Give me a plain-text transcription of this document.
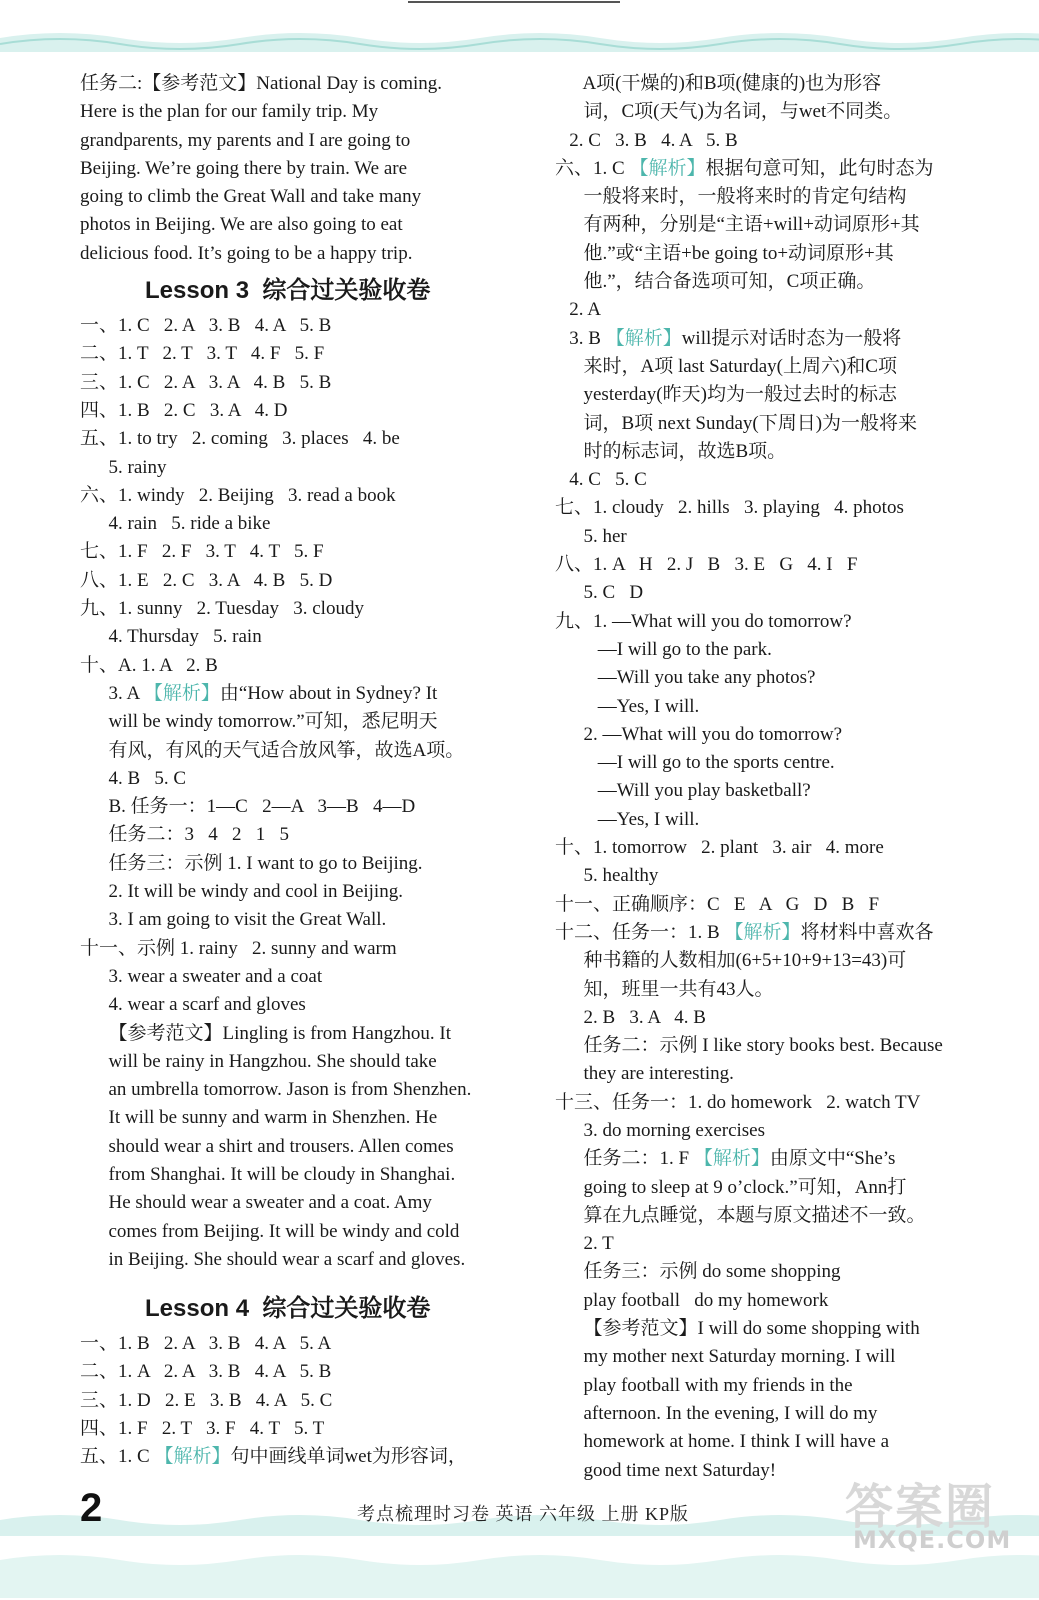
任务二:【参考范文】National Day is coming.
Here is the plan for our family trip. My
grandparents, my parents and I are going to
Beijing. We’re going there by train. We are
going to climb the Great Wall and take many
photos in Beijing. We are also going to eat
delicious food. It’s going to be a happy trip.
Lesson 3  综合过关验收卷
一、1. C   2. A   3. B   4. A   5. B
二、1. T   2. T   3. T   4. F   5. F
三、1. C   2. A   3. A   4. B   5. B
四、1. B   2. C   3. A   4. D
五、1. to try   2. coming   3. places   4. be
5. rainy
六、1. windy   2. Beijing   3. read a book
4. rain   5. ride a bike
七、1. F   2. F   3. T   4. T   5. F
八、1. E   2. C   3. A   4. B   5. D
九、1. sunny   2. Tuesday   3. cloudy
4. Thursday   5. rain
十、A. 1. A   2. B
3. A 【解析】由“How about in Sydney? It
will be windy tomorrow.”可知，悉尼明天
有风，有风的天气适合放风筝，故选A项。
4. B   5. C
B. 任务一：1—C   2—A   3—B   4—D
任务二：3   4   2   1   5
任务三：示例 1. I want to go to Beijing.
2. It will be windy and cool in Beijing.
3. I am going to visit the Great Wall.
十一、示例 1. rainy   2. sunny and warm
3. wear a sweater and a coat
4. wear a scarf and gloves
【参考范文】Lingling is from Hangzhou. It
will be rainy in Hangzhou. She should take
an umbrella tomorrow. Jason is from Shenzhen.
It will be sunny and warm in Shenzhen. He
should wear a shirt and trousers. Allen comes
from Shanghai. It will be cloudy in Shanghai.
He should wear a sweater and a coat. Amy
comes from Beijing. It will be windy and cold
in Beijing. She should wear a scarf and gloves.
Lesson 4  综合过关验收卷
一、1. B   2. A   3. B   4. A   5. A
二、1. A   2. A   3. B   4. A   5. B
三、1. D   2. E   3. B   4. A   5. C
四、1. F   2. T   3. F   4. T   5. T
五、1. C 【解析】句中画线单词wet为形容词，
A项(干燥的)和B项(健康的)也为形容
词，C项(天气)为名词，与wet不同类。
2. C   3. B   4. A   5. B
六、1. C 【解析】根据句意可知，此句时态为
一般将来时，一般将来时的肯定句结构
有两种，分别是“主语+will+动词原形+其
他.”或“主语+be going to+动词原形+其
他.”，结合备选项可知，C项正确。
2. A
3. B 【解析】will提示对话时态为一般将
来时，A项 last Saturday(上周六)和C项
yesterday(昨天)均为一般过去时的标志
词，B项 next Sunday(下周日)为一般将来
时的标志词，故选B项。
4. C   5. C
七、1. cloudy   2. hills   3. playing   4. photos
5. her
八、1. A   H   2. J   B   3. E   G   4. I   F
5. C   D
九、1. —What will you do tomorrow?
—I will go to the park.
—Will you take any photos?
—Yes, I will.
2. —What will you do tomorrow?
—I will go to the sports centre.
—Will you play basketball?
—Yes, I will.
十、1. tomorrow   2. plant   3. air   4. more
5. healthy
十一、正确顺序：C   E   A   G   D   B   F
十二、任务一：1. B 【解析】将材料中喜欢各
种书籍的人数相加(6+5+10+9+13=43)可
知，班里一共有43人。
2. B   3. A   4. B
任务二：示例 I like story books best. Because
they are interesting.
十三、任务一：1. do homework   2. watch TV
3. do morning exercises
任务二：1. F 【解析】由原文中“She’s
going to sleep at 9 o’clock.”可知，Ann打
算在九点睡觉，本题与原文描述不一致。
2. T
任务三：示例 do some shopping
play football   do my homework
【参考范文】I will do some shopping with
my mother next Saturday morning. I will
play football with my friends in the
afternoon. In the evening, I will do my
homework at home. I think I will have a
good time next Saturday!
2	考点梳理时习卷 英语 六年级 上册 KP版	答案圈
MXQE.COM
